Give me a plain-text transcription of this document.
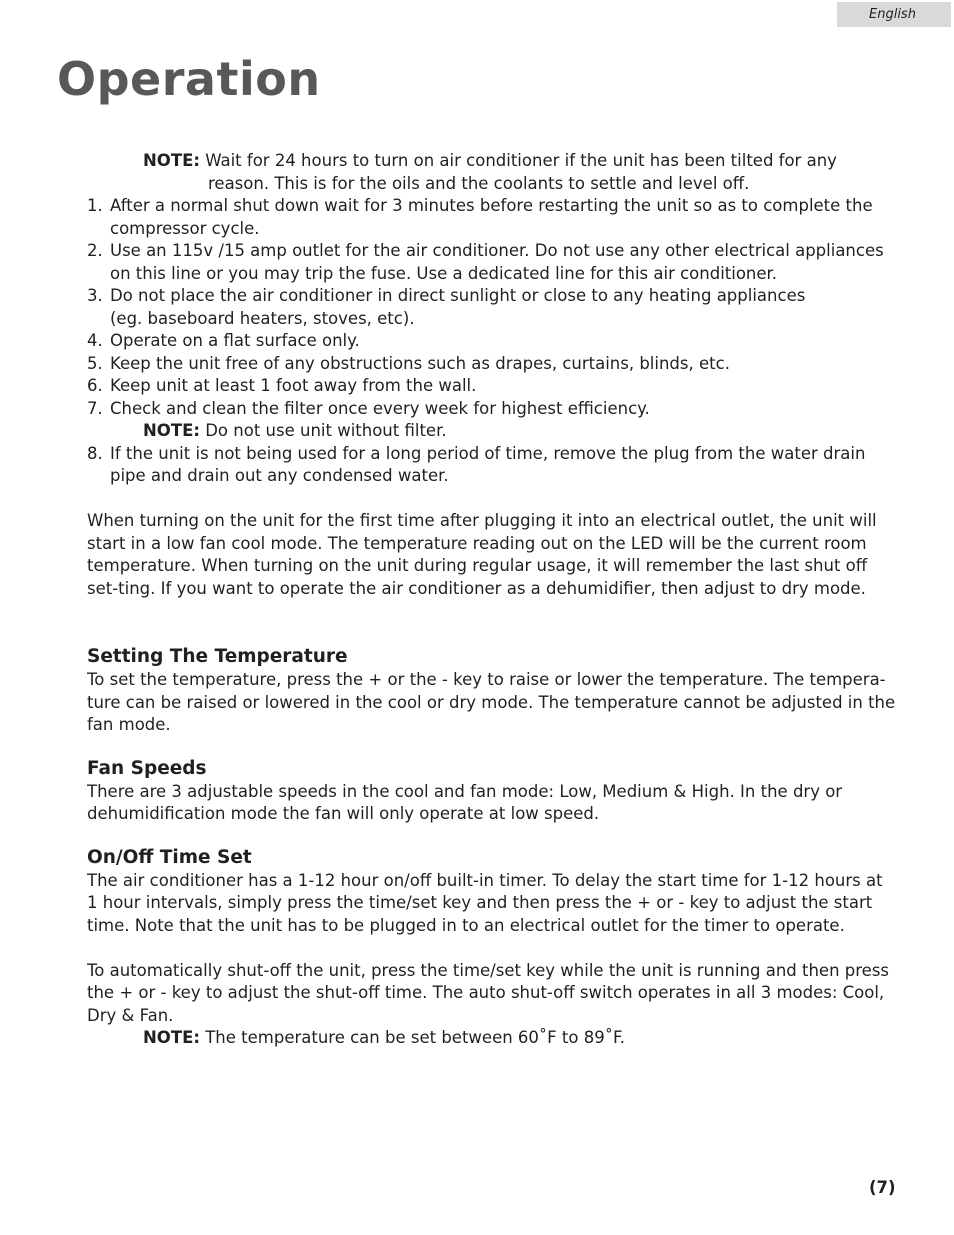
English
Operation
NOTE: Wait for 24 hours to turn on air conditioner if the unit has been tilted for any
reason. This is for the oils and the coolants to settle and level off.
1. After a normal shut down wait for 3 minutes before restarting the unit so as to complete the compressor cycle.
2. Use an 115v /15 amp outlet for the air conditioner. Do not use any other electrical appliances on this line or you may trip the fuse. Use a dedicated line for this air conditioner.
3. Do not place the air conditioner in direct sunlight or close to any heating appliances
(eg. baseboard heaters, stoves, etc).
4. Operate on a flat surface only.
5. Keep the unit free of any obstructions such as drapes, curtains, blinds, etc.
6. Keep unit at least 1 foot away from the wall.
7. Check and clean the filter once every week for highest efficiency.
NOTE: Do not use unit without filter.
8. If the unit is not being used for a long period of time, remove the plug from the water drain pipe and drain out any condensed water.

When turning on the unit for the first time after plugging it into an electrical outlet, the unit will start in a low fan cool mode. The temperature reading out on the LED will be the current room temperature. When turning on the unit during regular usage, it will remember the last shut off set-ting. If you want to operate the air conditioner as a dehumidifier, then adjust to dry mode.

Setting The Temperature

To set the temperature, press the + or the - key to raise or lower the temperature. The tempera-ture can be raised or lowered in the cool or dry mode. The temperature cannot be adjusted in the fan mode.

Fan Speeds

There are 3 adjustable speeds in the cool and fan mode: Low, Medium & High. In the dry or dehumidification mode the fan will only operate at low speed.

On/Off Time Set

The air conditioner has a 1-12 hour on/off built-in timer. To delay the start time for 1-12 hours at 1 hour intervals, simply press the time/set key and then press the + or - key to adjust the start time. Note that the unit has to be plugged in to an electrical outlet for the timer to operate.

To automatically shut-off the unit, press the time/set key while the unit is running and then press the + or - key to adjust the shut-off time. The auto shut-off switch operates in all 3 modes: Cool, Dry & Fan.

NOTE: The temperature can be set between 60˚F to 89˚F.
(7)
